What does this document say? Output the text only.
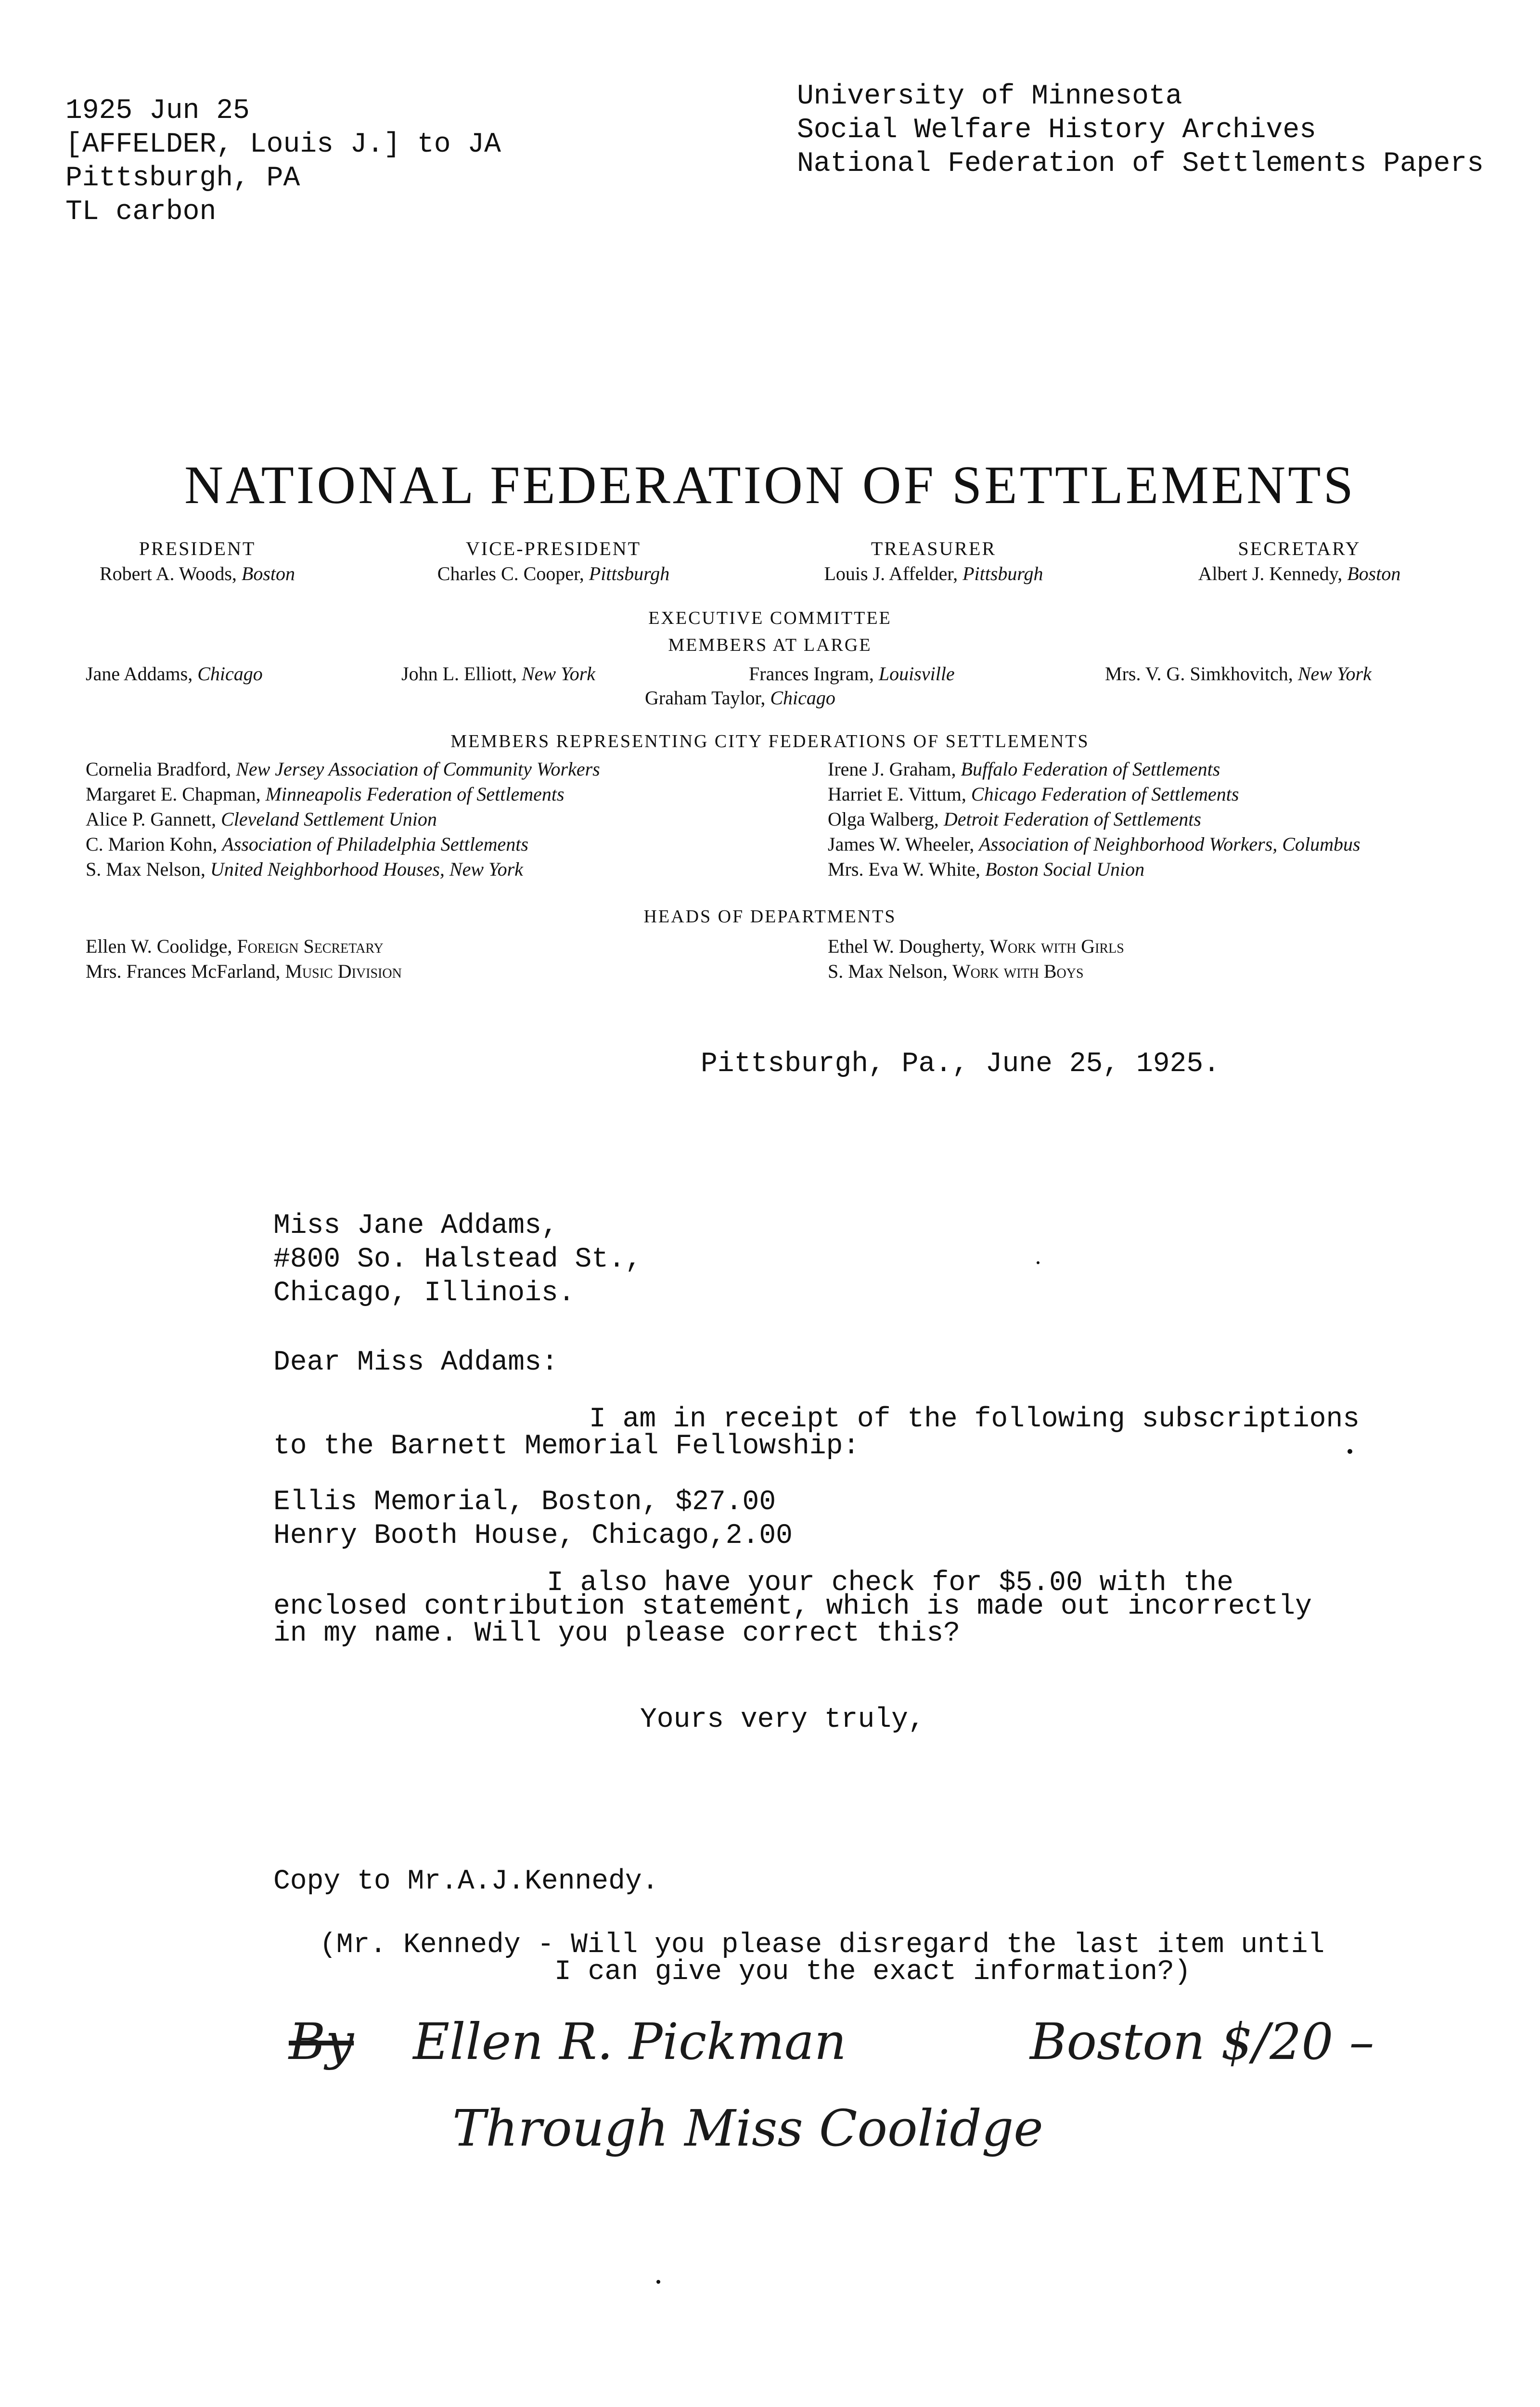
1925 Jun 25
[AFFELDER, Louis J.] to JA
Pittsburgh, PA
TL carbon
University of Minnesota
Social Welfare History Archives
National Federation of Settlements Papers
NATIONAL FEDERATION OF SETTLEMENTS
PRESIDENT
Robert A. Woods, Boston
VICE-PRESIDENT
Charles C. Cooper, Pittsburgh
TREASURER
Louis J. Affelder, Pittsburgh
SECRETARY
Albert J. Kennedy, Boston
EXECUTIVE COMMITTEE
MEMBERS AT LARGE
Jane Addams, Chicago	John L. Elliott, New York	Frances Ingram, Louisville	Mrs. V. G. Simkhovitch, New York
Graham Taylor, Chicago
MEMBERS REPRESENTING CITY FEDERATIONS OF SETTLEMENTS
Cornelia Bradford, New Jersey Association of Community Workers
Margaret E. Chapman, Minneapolis Federation of Settlements
Alice P. Gannett, Cleveland Settlement Union
C. Marion Kohn, Association of Philadelphia Settlements
S. Max Nelson, United Neighborhood Houses, New York
Irene J. Graham, Buffalo Federation of Settlements
Harriet E. Vittum, Chicago Federation of Settlements
Olga Walberg, Detroit Federation of Settlements
James W. Wheeler, Association of Neighborhood Workers, Columbus
Mrs. Eva W. White, Boston Social Union
HEADS OF DEPARTMENTS
Ellen W. Coolidge, Foreign Secretary
Mrs. Frances McFarland, Music Division
Ethel W. Dougherty, Work with Girls
S. Max Nelson, Work with Boys
Pittsburgh, Pa., June 25, 1925.
Miss Jane Addams,
#800 So. Halstead St.,
Chicago, Illinois.
Dear Miss Addams:
I am in receipt of the following subscriptions
to the Barnett Memorial Fellowship:
Ellis Memorial, Boston, $27.00
Henry Booth House, Chicago,2.00
I also have your check for $5.00 with the
enclosed contribution statement, which is made out incorrectly
in my name. Will you please correct this?
Yours very truly,
Copy to Mr.A.J.Kennedy.
(Mr. Kennedy - Will you please disregard the last item until
I can give you the exact information?)
By Ellen R. Pickman	Boston $/20 –
Through Miss Coolidge
